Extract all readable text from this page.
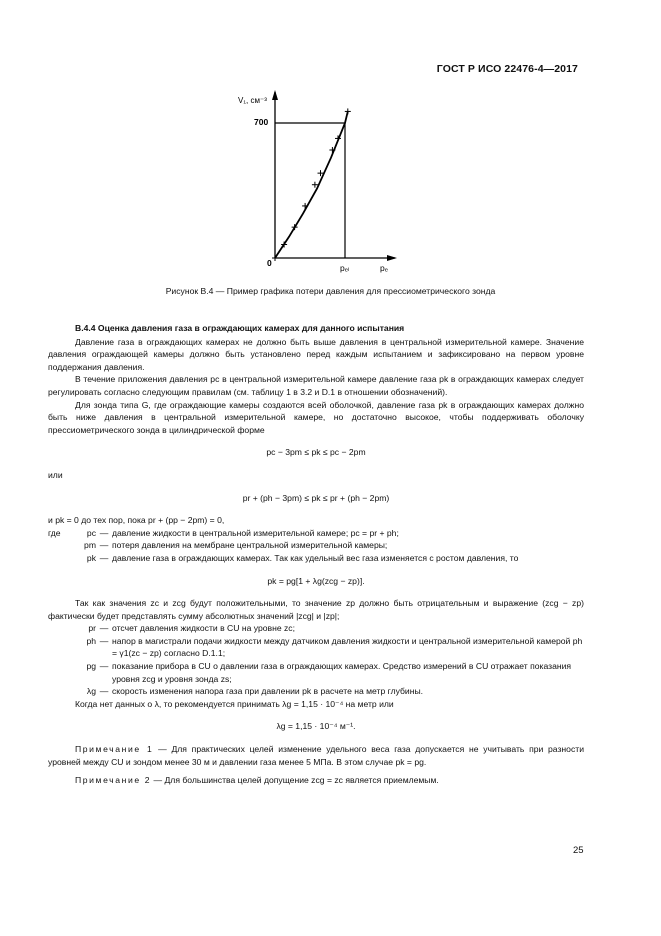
ГОСТ Р ИСО 22476-4—2017
V₁, см⁻³
700
0	pₑₗ	pₑ
Рисунок В.4 — Пример графика потери давления для прессиометрического зонда

B.4.4 Оценка давления газа в ограждающих камерах для данного испытания

Давление газа в ограждающих камерах не должно быть выше давления в центральной измерительной камере. Значение давления ограждающей камеры должно быть установлено перед каждым испытанием и зафиксировано на первом уровне поддержания давления.

В течение приложения давления pc в центральной измерительной камере давление газа pk в ограждающих камерах следует регулировать согласно следующим правилам (см. таблицу 1 в 3.2 и D.1 в отношении обозначений).

Для зонда типа G, где ограждающие камеры создаются всей оболочкой, давление газа pk в ограждающих камерах должно быть ниже давления в центральной измерительной камере, но достаточно высокое, чтобы поддерживать оболочку прессиометрического зонда в цилиндрической форме

pc − 3pm ≤ pk ≤ pc − 2pm

или

pr + (ph − 3pm) ≤ pk ≤ pr + (ph − 2pm)

и pk = 0 до тех пор, пока pr + (pp − 2pm) = 0,

где	pc — давление жидкости в центральной измерительной камере; pc = pr + ph;
pm — потеря давления на мембране центральной измерительной камеры;
pk — давление газа в ограждающих камерах. Так как удельный вес газа изменяется с ростом давления, то

pk = pg[1 + λg(zcg − zp)].

Так как значения zc и zcg будут положительными, то значение zp должно быть отрицательным и выражение (zcg − zp) фактически будет представлять сумму абсолютных значений |zcg| и |zp|;

pr — отсчет давления жидкости в CU на уровне zc;
ph — напор в магистрали подачи жидкости между датчиком давления жидкости и центральной измерительной камерой ph = γ1(zc − zp) согласно D.1.1;
pg — показание прибора в CU о давлении газа в ограждающих камерах. Средство измерений в CU отражает показания уровня zcg и уровня зонда zs;
λg — скорость изменения напора газа при давлении pk в расчете на метр глубины.

Когда нет данных о λ, то рекомендуется принимать λg = 1,15 · 10⁻⁴ на метр или

λg = 1,15 · 10⁻⁴ м⁻¹.

Примечание 1 — Для практических целей изменение удельного веса газа допускается не учитывать при разности уровней между CU и зондом менее 30 м и давлении газа менее 5 МПа. В этом случае pk = pg.

Примечание 2 — Для большинства целей допущение zcg = zc является приемлемым.

25
